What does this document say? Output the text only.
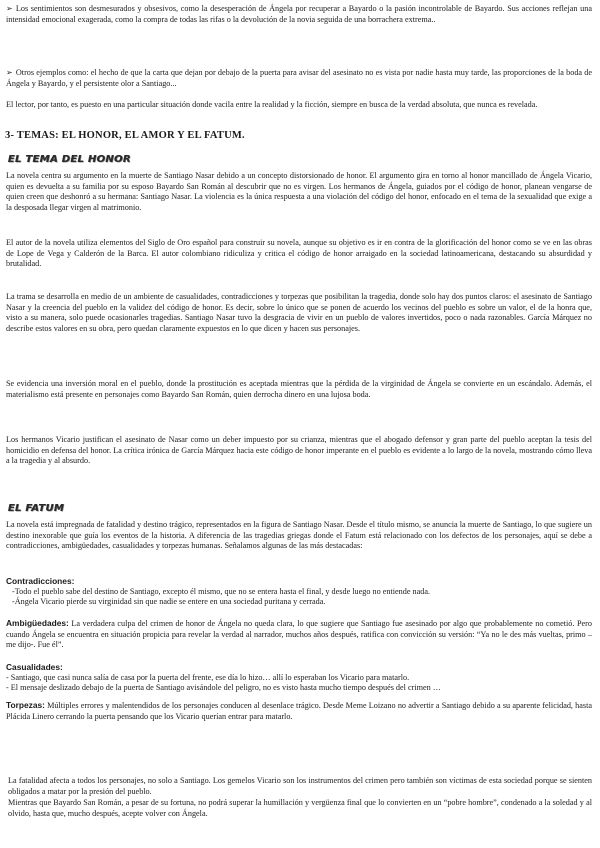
➢ Los sentimientos son desmesurados y obsesivos, como la desesperación de Ángela por recuperar a Bayardo o la pasión incontrolable de Bayardo. Sus acciones reflejan una intensidad emocional exagerada, como la compra de todas las rifas o la devolución de la novia seguida de una borrachera extrema..

➢ Otros ejemplos como: el hecho de que la carta que dejan por debajo de la puerta para avisar del asesinato no es vista por nadie hasta muy tarde, las proporciones de la boda de Ángela y Bayardo, y el persistente olor a Santiago...

El lector, por tanto, es puesto en una particular situación donde vacila entre la realidad y la ficción, siempre en busca de la verdad absoluta, que nunca es revelada.

3- TEMAS: EL HONOR, EL AMOR Y EL FATUM.
EL TEMA DEL HONOR

La novela centra su argumento en la muerte de Santiago Nasar debido a un concepto distorsionado de honor. El argumento gira en torno al honor mancillado de Ángela Vicario, quien es devuelta a su familia por su esposo Bayardo San Román al descubrir que no es virgen. Los hermanos de Ángela, guiados por el código de honor, planean vengarse de quien creen que deshonró a su hermana: Santiago Nasar. La violencia es la única respuesta a una violación del código del honor, enfocado en el tema de la sexualidad que exige a la desposada llegar virgen al matrimonio.

El autor de la novela utiliza elementos del Siglo de Oro español para construir su novela, aunque su objetivo es ir en contra de la glorificación del honor como se ve en las obras de Lope de Vega y Calderón de la Barca. El autor colombiano ridiculiza y critica el código de honor arraigado en la sociedad latinoamericana, destacando su absurdidad y brutalidad.

La trama se desarrolla en medio de un ambiente de casualidades, contradicciones y torpezas que posibilitan la tragedia, donde solo hay dos puntos claros: el asesinato de Santiago Nasar y la creencia del pueblo en la validez del código de honor. Es decir, sobre lo único que se ponen de acuerdo los vecinos del pueblo es sobre un valor, el de la honra que, visto a su manera, solo puede ocasionarles tragedias. Santiago Nasar tuvo la desgracia de vivir en un pueblo de valores invertidos, poco o nada razonables. García Márquez no describe estos valores en su obra, pero quedan claramente expuestos en lo que dicen y hacen sus personajes.

Se evidencia una inversión moral en el pueblo, donde la prostitución es aceptada mientras que la pérdida de la virginidad de Ángela se convierte en un escándalo. Además, el materialismo está presente en personajes como Bayardo San Román, quien derrocha dinero en una lujosa boda.

Los hermanos Vicario justifican el asesinato de Nasar como un deber impuesto por su crianza, mientras que el abogado defensor y gran parte del pueblo aceptan la tesis del homicidio en defensa del honor. La crítica irónica de García Márquez hacia este código de honor imperante en el pueblo es evidente a lo largo de la novela, mostrando cómo lleva a la tragedia y al absurdo.

EL FATUM

La novela está impregnada de fatalidad y destino trágico, representados en la figura de Santiago Nasar. Desde el título mismo, se anuncia la muerte de Santiago, lo que sugiere un destino inexorable que guía los eventos de la historia. A diferencia de las tragedias griegas donde el Fatum está relacionado con los defectos de los personajes, aquí se debe a contradicciones, ambigüedades, casualidades y torpezas humanas. Señalamos algunas de las más destacadas:

Contradicciones:
-Todo el pueblo sabe del destino de Santiago, excepto él mismo, que no se entera hasta el final, y desde luego no entiende nada.
-Ángela Vicario pierde su virginidad sin que nadie se entere en una sociedad puritana y cerrada.

Ambigüedades: La verdadera culpa del crimen de honor de Ángela no queda clara, lo que sugiere que Santiago fue asesinado por algo que probablemente no cometió. Pero cuando Ángela se encuentra en situación propicia para revelar la verdad al narrador, muchos años después, ratifica con convicción su versión: “Ya no le des más vueltas, primo –me dijo-. Fue él”.

Casualidades:
- Santiago, que casi nunca salía de casa por la puerta del frente, ese día lo hizo… allí lo esperaban los Vicario para matarlo.
- El mensaje deslizado debajo de la puerta de Santiago avisándole del peligro, no es visto hasta mucho tiempo después del crimen …

Torpezas: Múltiples errores y malentendidos de los personajes conducen al desenlace trágico. Desde Meme Loizano no advertir a Santiago debido a su aparente felicidad, hasta Plácida Linero cerrando la puerta pensando que los Vicario querían entrar para matarlo.

La fatalidad afecta a todos los personajes, no solo a Santiago. Los gemelos Vicario son los instrumentos del crimen pero también son víctimas de esta sociedad porque se sienten obligados a matar por la presión del pueblo.

Mientras que Bayardo San Román, a pesar de su fortuna, no podrá superar la humillación y vergüenza final que lo convierten en un “pobre hombre”, condenado a la soledad y al olvido, hasta que, mucho después, acepte volver con Ángela.
